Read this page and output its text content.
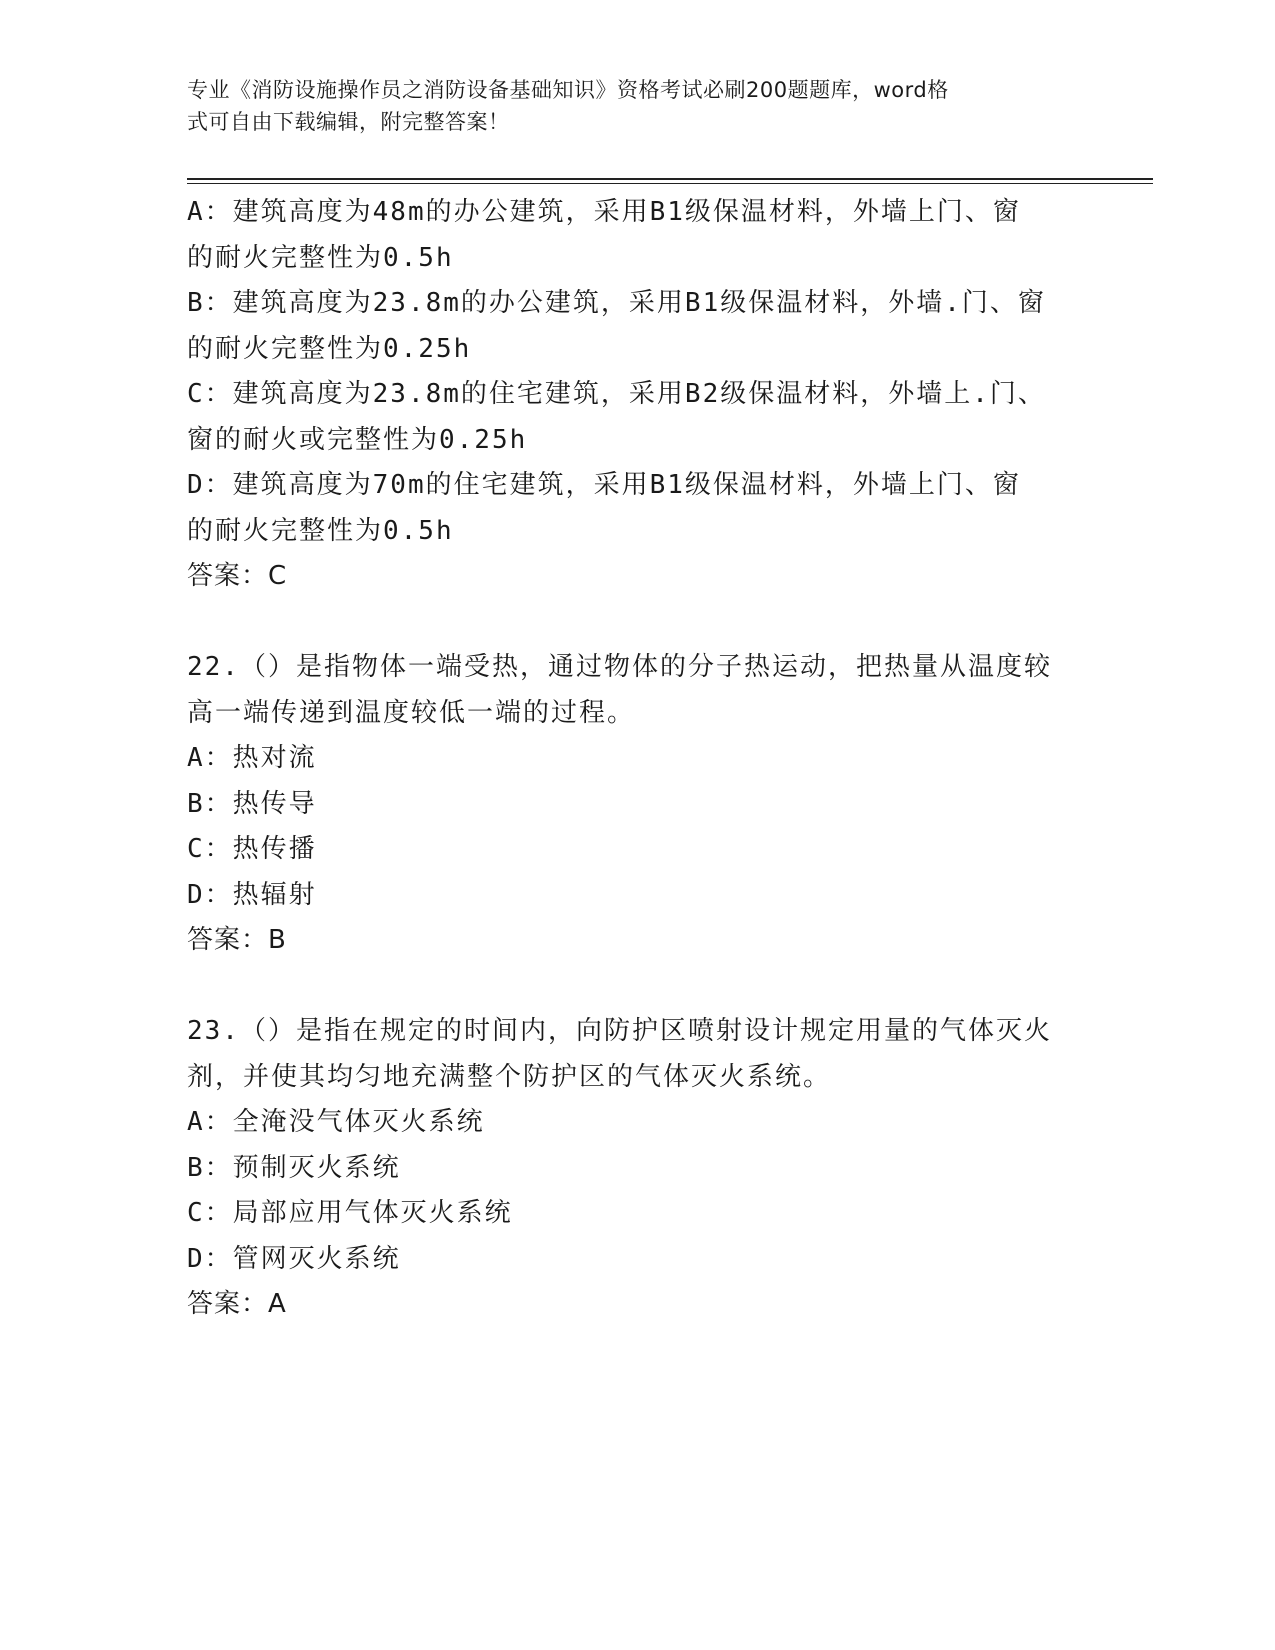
专业《消防设施操作员之消防设备基础知识》资格考试必刷200题题库，word格
式可自由下载编辑，附完整答案！
A：建筑高度为48m的办公建筑，采用B1级保温材料，外墙上门、窗
的耐火完整性为0.5h
B：建筑高度为23.8m的办公建筑，采用B1级保温材料，外墙.门、窗
的耐火完整性为0.25h
C：建筑高度为23.8m的住宅建筑，采用B2级保温材料，外墙上.门、
窗的耐火或完整性为0.25h
D：建筑高度为70m的住宅建筑，采用B1级保温材料，外墙上门、窗
的耐火完整性为0.5h
答案：C
22.（）是指物体一端受热，通过物体的分子热运动，把热量从温度较
高一端传递到温度较低一端的过程。
A：热对流
B：热传导
C：热传播
D：热辐射
答案：B
23.（）是指在规定的时间内，向防护区喷射设计规定用量的气体灭火
剂，并使其均匀地充满整个防护区的气体灭火系统。
A：全淹没气体灭火系统
B：预制灭火系统
C：局部应用气体灭火系统
D：管网灭火系统
答案：A
